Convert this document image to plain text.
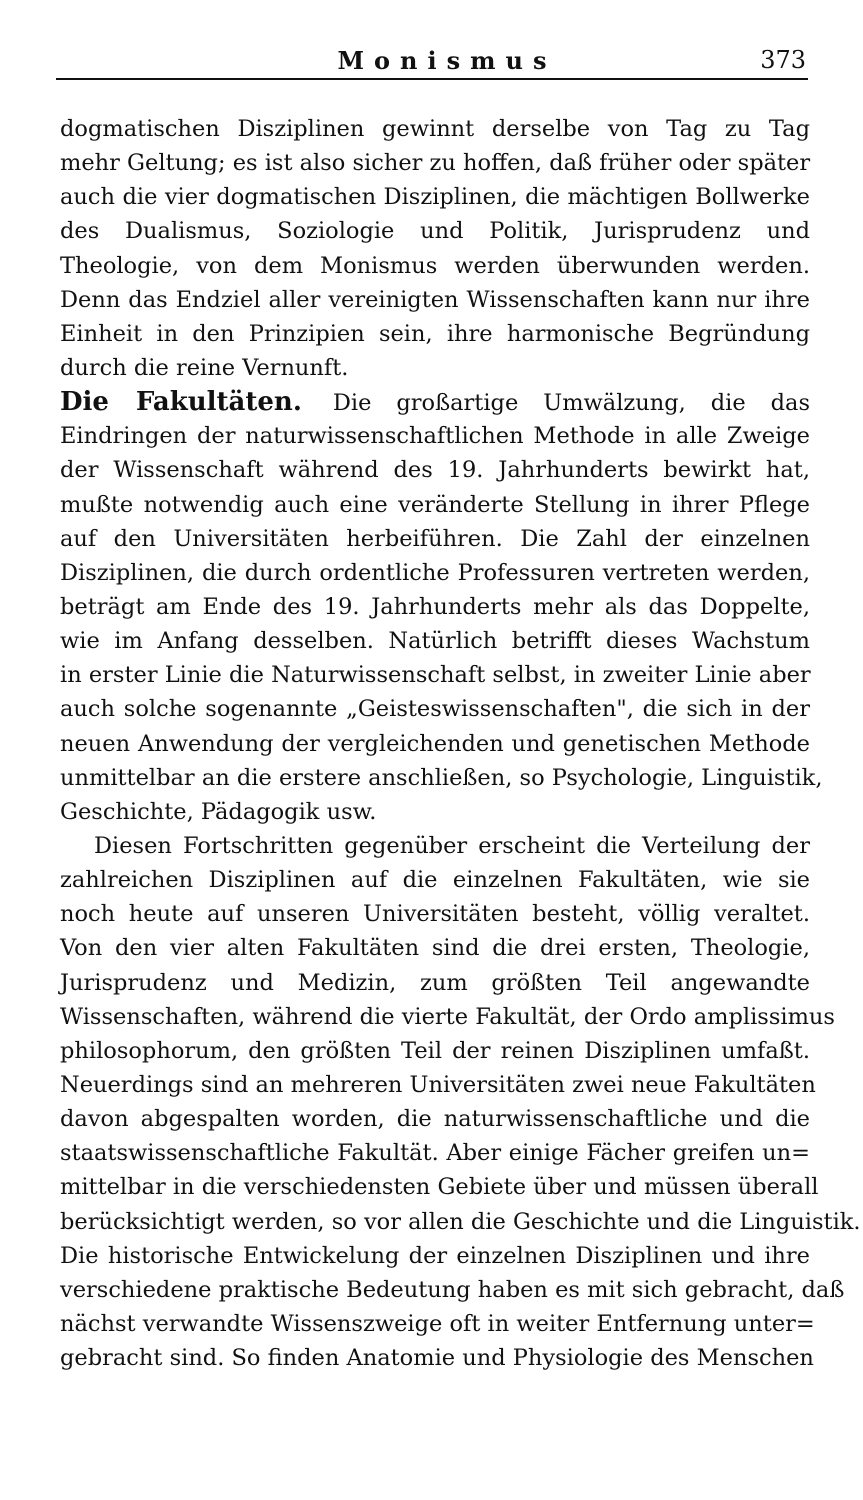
Monismus	373
dogmatischen Disziplinen gewinnt derselbe von Tag zu Tag
mehr Geltung; es ist also sicher zu hoffen, daß früher oder später
auch die vier dogmatischen Disziplinen, die mächtigen Bollwerke
des Dualismus, Soziologie und Politik, Jurisprudenz und
Theologie, von dem Monismus werden überwunden werden.
Denn das Endziel aller vereinigten Wissenschaften kann nur ihre
Einheit in den Prinzipien sein, ihre harmonische Begründung
durch die reine Vernunft.
Die Fakultäten. Die großartige Umwälzung, die das
Eindringen der naturwissenschaftlichen Methode in alle Zweige
der Wissenschaft während des 19. Jahrhunderts bewirkt hat,
mußte notwendig auch eine veränderte Stellung in ihrer Pflege
auf den Universitäten herbeiführen. Die Zahl der einzelnen
Disziplinen, die durch ordentliche Professuren vertreten werden,
beträgt am Ende des 19. Jahrhunderts mehr als das Doppelte,
wie im Anfang desselben. Natürlich betrifft dieses Wachstum
in erster Linie die Naturwissenschaft selbst, in zweiter Linie aber
auch solche sogenannte „Geisteswissenschaften", die sich in der
neuen Anwendung der vergleichenden und genetischen Methode
unmittelbar an die erstere anschließen, so Psychologie, Linguistik,
Geschichte, Pädagogik usw.
Diesen Fortschritten gegenüber erscheint die Verteilung der
zahlreichen Disziplinen auf die einzelnen Fakultäten, wie sie
noch heute auf unseren Universitäten besteht, völlig veraltet.
Von den vier alten Fakultäten sind die drei ersten, Theologie,
Jurisprudenz und Medizin, zum größten Teil angewandte
Wissenschaften, während die vierte Fakultät, der Ordo amplissimus
philosophorum, den größten Teil der reinen Disziplinen umfaßt.
Neuerdings sind an mehreren Universitäten zwei neue Fakultäten
davon abgespalten worden, die naturwissenschaftliche und die
staatswissenschaftliche Fakultät. Aber einige Fächer greifen un=
mittelbar in die verschiedensten Gebiete über und müssen überall
berücksichtigt werden, so vor allen die Geschichte und die Linguistik.
Die historische Entwickelung der einzelnen Disziplinen und ihre
verschiedene praktische Bedeutung haben es mit sich gebracht, daß
nächst verwandte Wissenszweige oft in weiter Entfernung unter=
gebracht sind. So finden Anatomie und Physiologie des Menschen
